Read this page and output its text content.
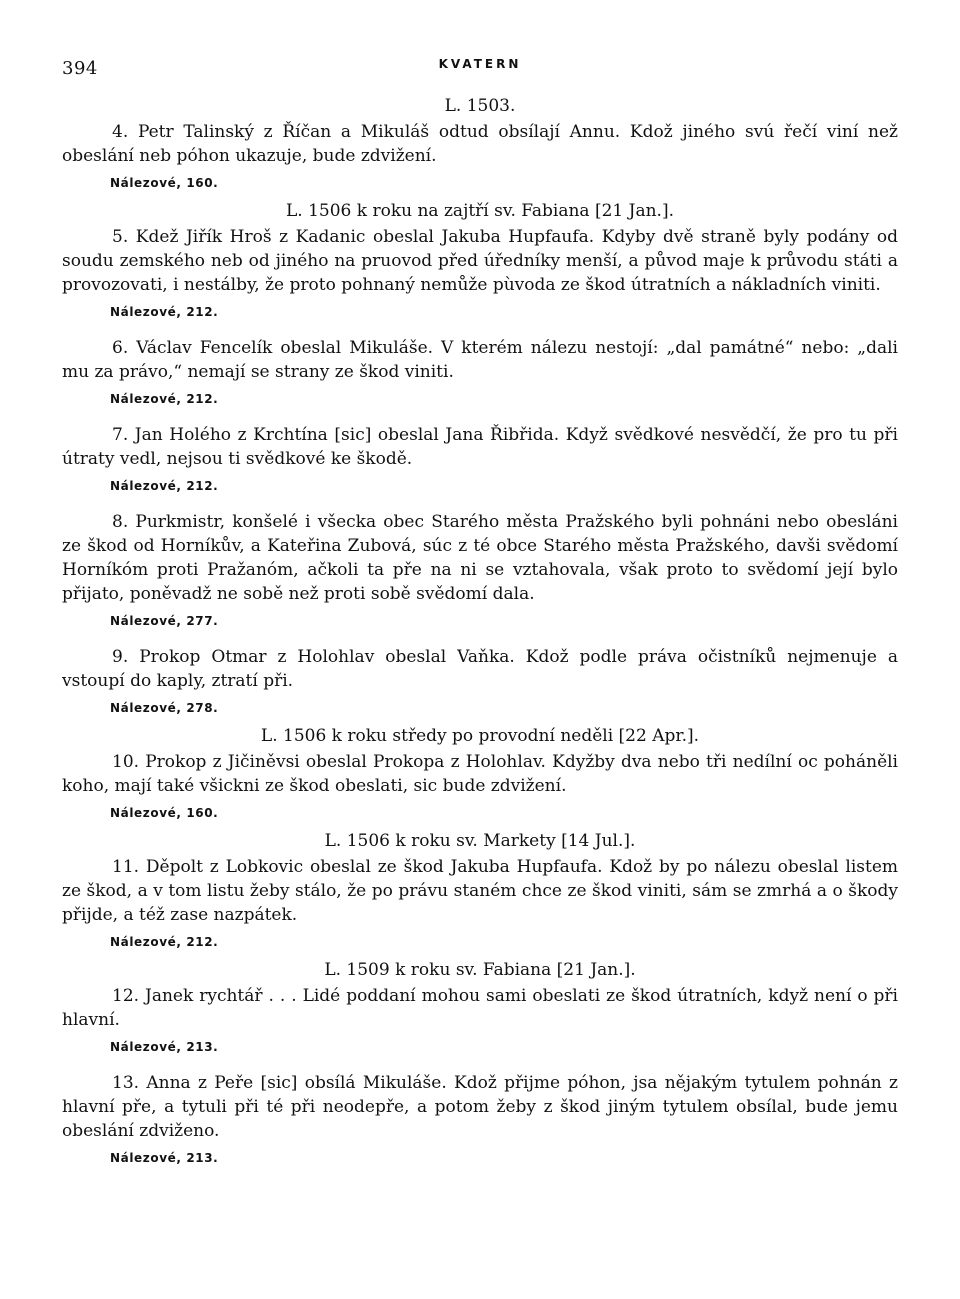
394	KVATERN
L. 1503.

4. Petr Talinský z Říčan a Mikuláš odtud obsílají Annu. Kdož jiného svú řečí viní než obeslání neb póhon ukazuje, bude zdvižení.

Nálezové, 160.
L. 1506 k roku na zajtří sv. Fabiana [21 Jan.].

5. Kdež Jiřík Hroš z Kadanic obeslal Jakuba Hupfaufa. Kdyby dvě straně byly podány od soudu zemského neb od jiného na pruovod před úředníky menší, a původ maje k průvodu státi a provozovati, i nestálby, že proto pohnaný nemůže pùvoda ze škod útratních a nákladních viniti.

Nálezové, 212.

6. Václav Fencelík obeslal Mikuláše. V kterém nálezu nestojí: „dal památné“ nebo: „dali mu za právo,“ nemají se strany ze škod viniti.

Nálezové, 212.

7. Jan Holého z Krchtína [sic] obeslal Jana Řibřida. Když svědkové nesvědčí, že pro tu při útraty vedl, nejsou ti svědkové ke škodě.

Nálezové, 212.

8. Purkmistr, konšelé i všecka obec Starého města Pražského byli pohnáni nebo obesláni ze škod od Horníkův, a Kateřina Zubová, súc z té obce Starého města Pražského, davši svědomí Horníkóm proti Pražanóm, ačkoli ta pře na ni se vztahovala, však proto to svědomí její bylo přijato, poněvadž ne sobě než proti sobě svědomí dala.

Nálezové, 277.

9. Prokop Otmar z Holohlav obeslal Vaňka. Kdož podle práva očistníků nejmenuje a vstoupí do kaply, ztratí při.

Nálezové, 278.
L. 1506 k roku středy po provodní neděli [22 Apr.].

10. Prokop z Jičiněvsi obeslal Prokopa z Holohlav. Kdyžby dva nebo tři nedílní oc poháněli koho, mají také všickni ze škod obeslati, sic bude zdvižení.

Nálezové, 160.
L. 1506 k roku sv. Markety [14 Jul.].

11. Děpolt z Lobkovic obeslal ze škod Jakuba Hupfaufa. Kdož by po nálezu obeslal listem ze škod, a v tom listu žeby stálo, že po právu staném chce ze škod viniti, sám se zmrhá a o škody přijde, a též zase nazpátek.

Nálezové, 212.
L. 1509 k roku sv. Fabiana [21 Jan.].

12. Janek rychtář . . . Lidé poddaní mohou sami obeslati ze škod útratních, když není o při hlavní.

Nálezové, 213.

13. Anna z Peře [sic] obsílá Mikuláše. Kdož přijme póhon, jsa nějakým tytulem pohnán z hlavní pře, a tytuli při té při neodepře, a potom žeby z škod jiným tytulem obsílal, bude jemu obeslání zdviženo.

Nálezové, 213.
